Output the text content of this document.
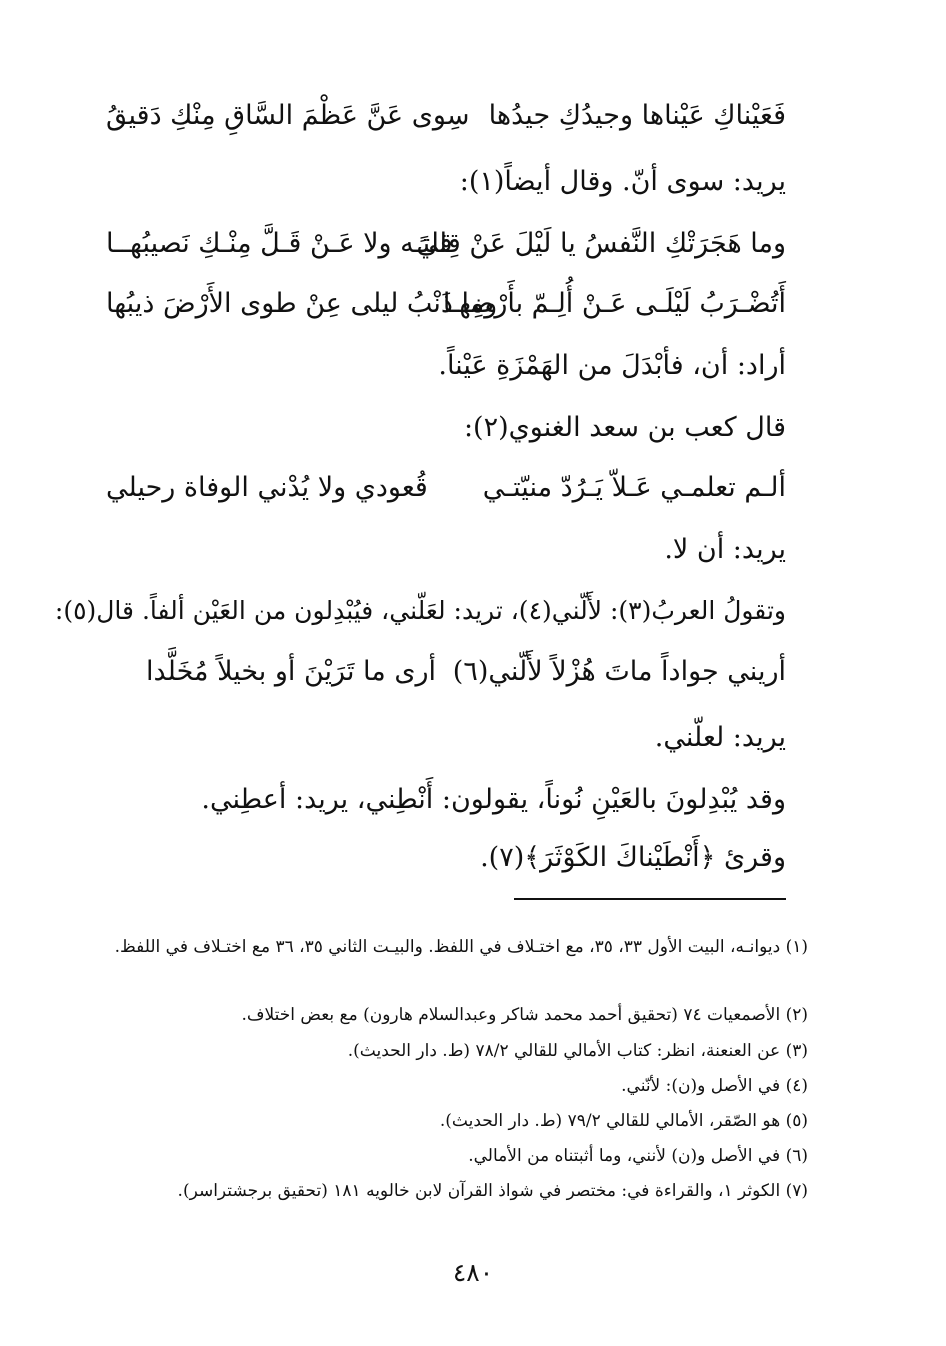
فَعَيْناكِ عَيْناها وجيدُكِ جيدُها
سِوى عَنَّ عَظْمَ السَّاقِ مِنْكِ دَقيقُ
يريد: سوى أنّ. وقال أيضاً(١):
وما هَجَرَتْكِ النَّفسُ يا لَيْلَ عَنْ قِليً
قلتـه ولا عَـنْ قَـلَّ مِنْـكِ نَصيبُهــا
أَتُضْـرَبُ لَيْلَـى عَـنْ أُلِـمّ بأَرْضِهـا
وما ذَنْبُ ليلى عِنْ طوى الأَرْضَ ذيبُها
أراد: أن، فأبْدَلَ من الهَمْزَةِ عَيْناً.
قال كعب بن سعد الغنوي(٢):
ألـم تعلمـي عَـلاّ يَـرُدّ منيّتـي
قُعودي ولا يُدْني الوفاة رحيلي
يريد: أن لا.
وتقولُ العربُ(٣): لأَلّني(٤)، تريد: لعَلّني، فيُبْدِلون من العَيْن ألفاً. قال(٥):
أريني جواداً ماتَ هُزْلاً لأَلّني(٦)
أرى ما تَرَيْنَ أو بخيلاً مُخَلَّدا
يريد: لعلّني.
وقد يُبْدِلونَ بالعَيْنِ نُوناً، يقولون: أَنْطِني، يريد: أعطِني.
وقرئ ﴿أَنْطَيْناكَ الكَوْثَرَ﴾(٧).
(١) ديوانـه، البيت الأول ٣٣، ٣٥، مع اختـلاف في اللفظ. والبيـت الثاني ٣٥، ٣٦ مع اختـلاف في اللفظ.
(٢) الأصمعيات ٧٤ (تحقيق أحمد محمد شاكر وعبدالسلام هارون) مع بعض اختلاف.
(٣) عن العنعنة، انظر: كتاب الأمالي للقالي ٧٨/٢ (ط. دار الحديث).
(٤) في الأصل و(ن): لأنّني.
(٥) هو الصّقر، الأمالي للقالي ٧٩/٢ (ط. دار الحديث).
(٦) في الأصل و(ن) لأنني، وما أثبتناه من الأمالي.
(٧) الكوثر ١، والقراءة في: مختصر في شواذ القرآن لابن خالويه ١٨١ (تحقيق برجشتراسر).
٤٨٠
